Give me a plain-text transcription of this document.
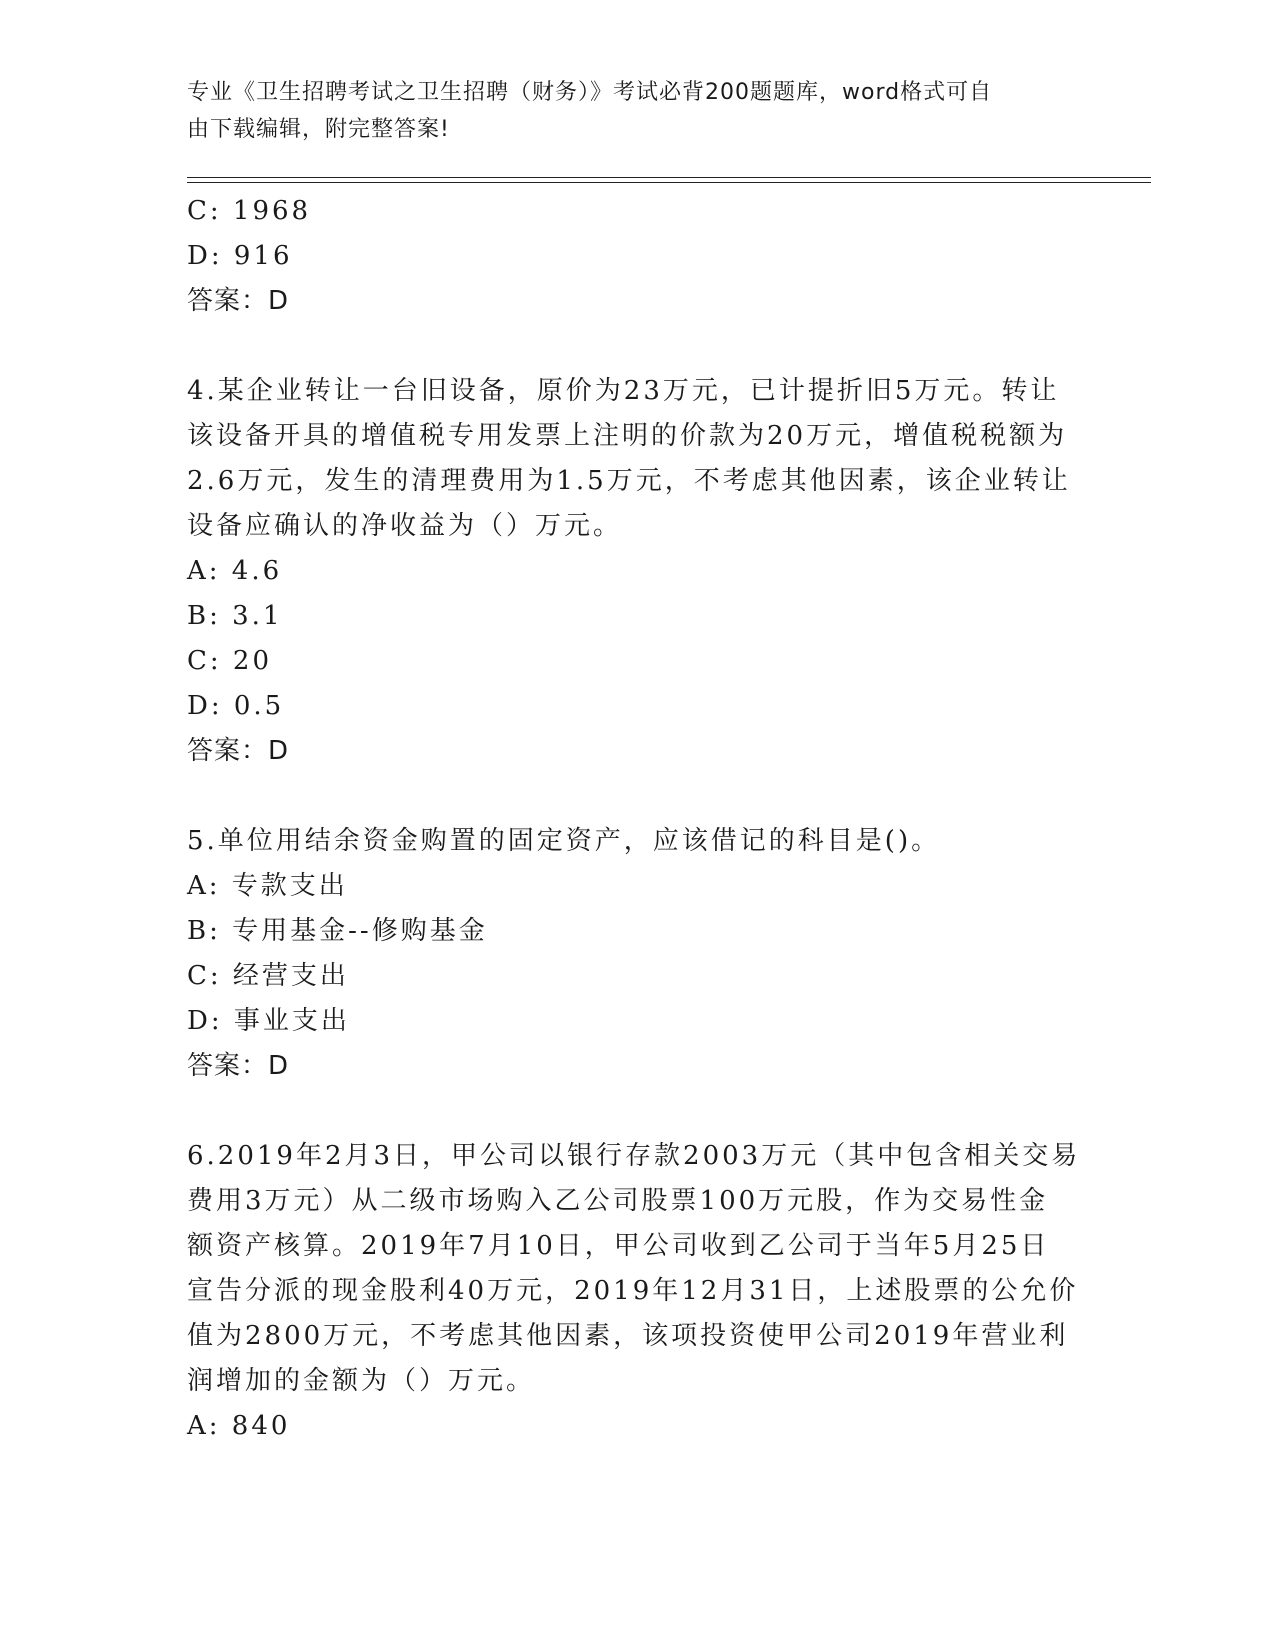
专业《卫生招聘考试之卫生招聘（财务）》考试必背200题题库，word格式可自
由下载编辑，附完整答案!
C: 1968
D: 916
答案：D
4.某企业转让一台旧设备，原价为23万元，已计提折旧5万元。转让
该设备开具的增值税专用发票上注明的价款为20万元，增值税税额为
2.6万元，发生的清理费用为1.5万元，不考虑其他因素，该企业转让
设备应确认的净收益为（）万元。
A: 4.6
B: 3.1
C: 20
D: 0.5
答案：D
5.单位用结余资金购置的固定资产，应该借记的科目是()。
A: 专款支出
B: 专用基金--修购基金
C: 经营支出
D: 事业支出
答案：D
6.2019年2月3日，甲公司以银行存款2003万元（其中包含相关交易
费用3万元）从二级市场购入乙公司股票100万元股，作为交易性金
额资产核算。2019年7月10日，甲公司收到乙公司于当年5月25日
宣告分派的现金股利40万元，2019年12月31日，上述股票的公允价
值为2800万元，不考虑其他因素，该项投资使甲公司2019年营业利
润增加的金额为（）万元。
A: 840
